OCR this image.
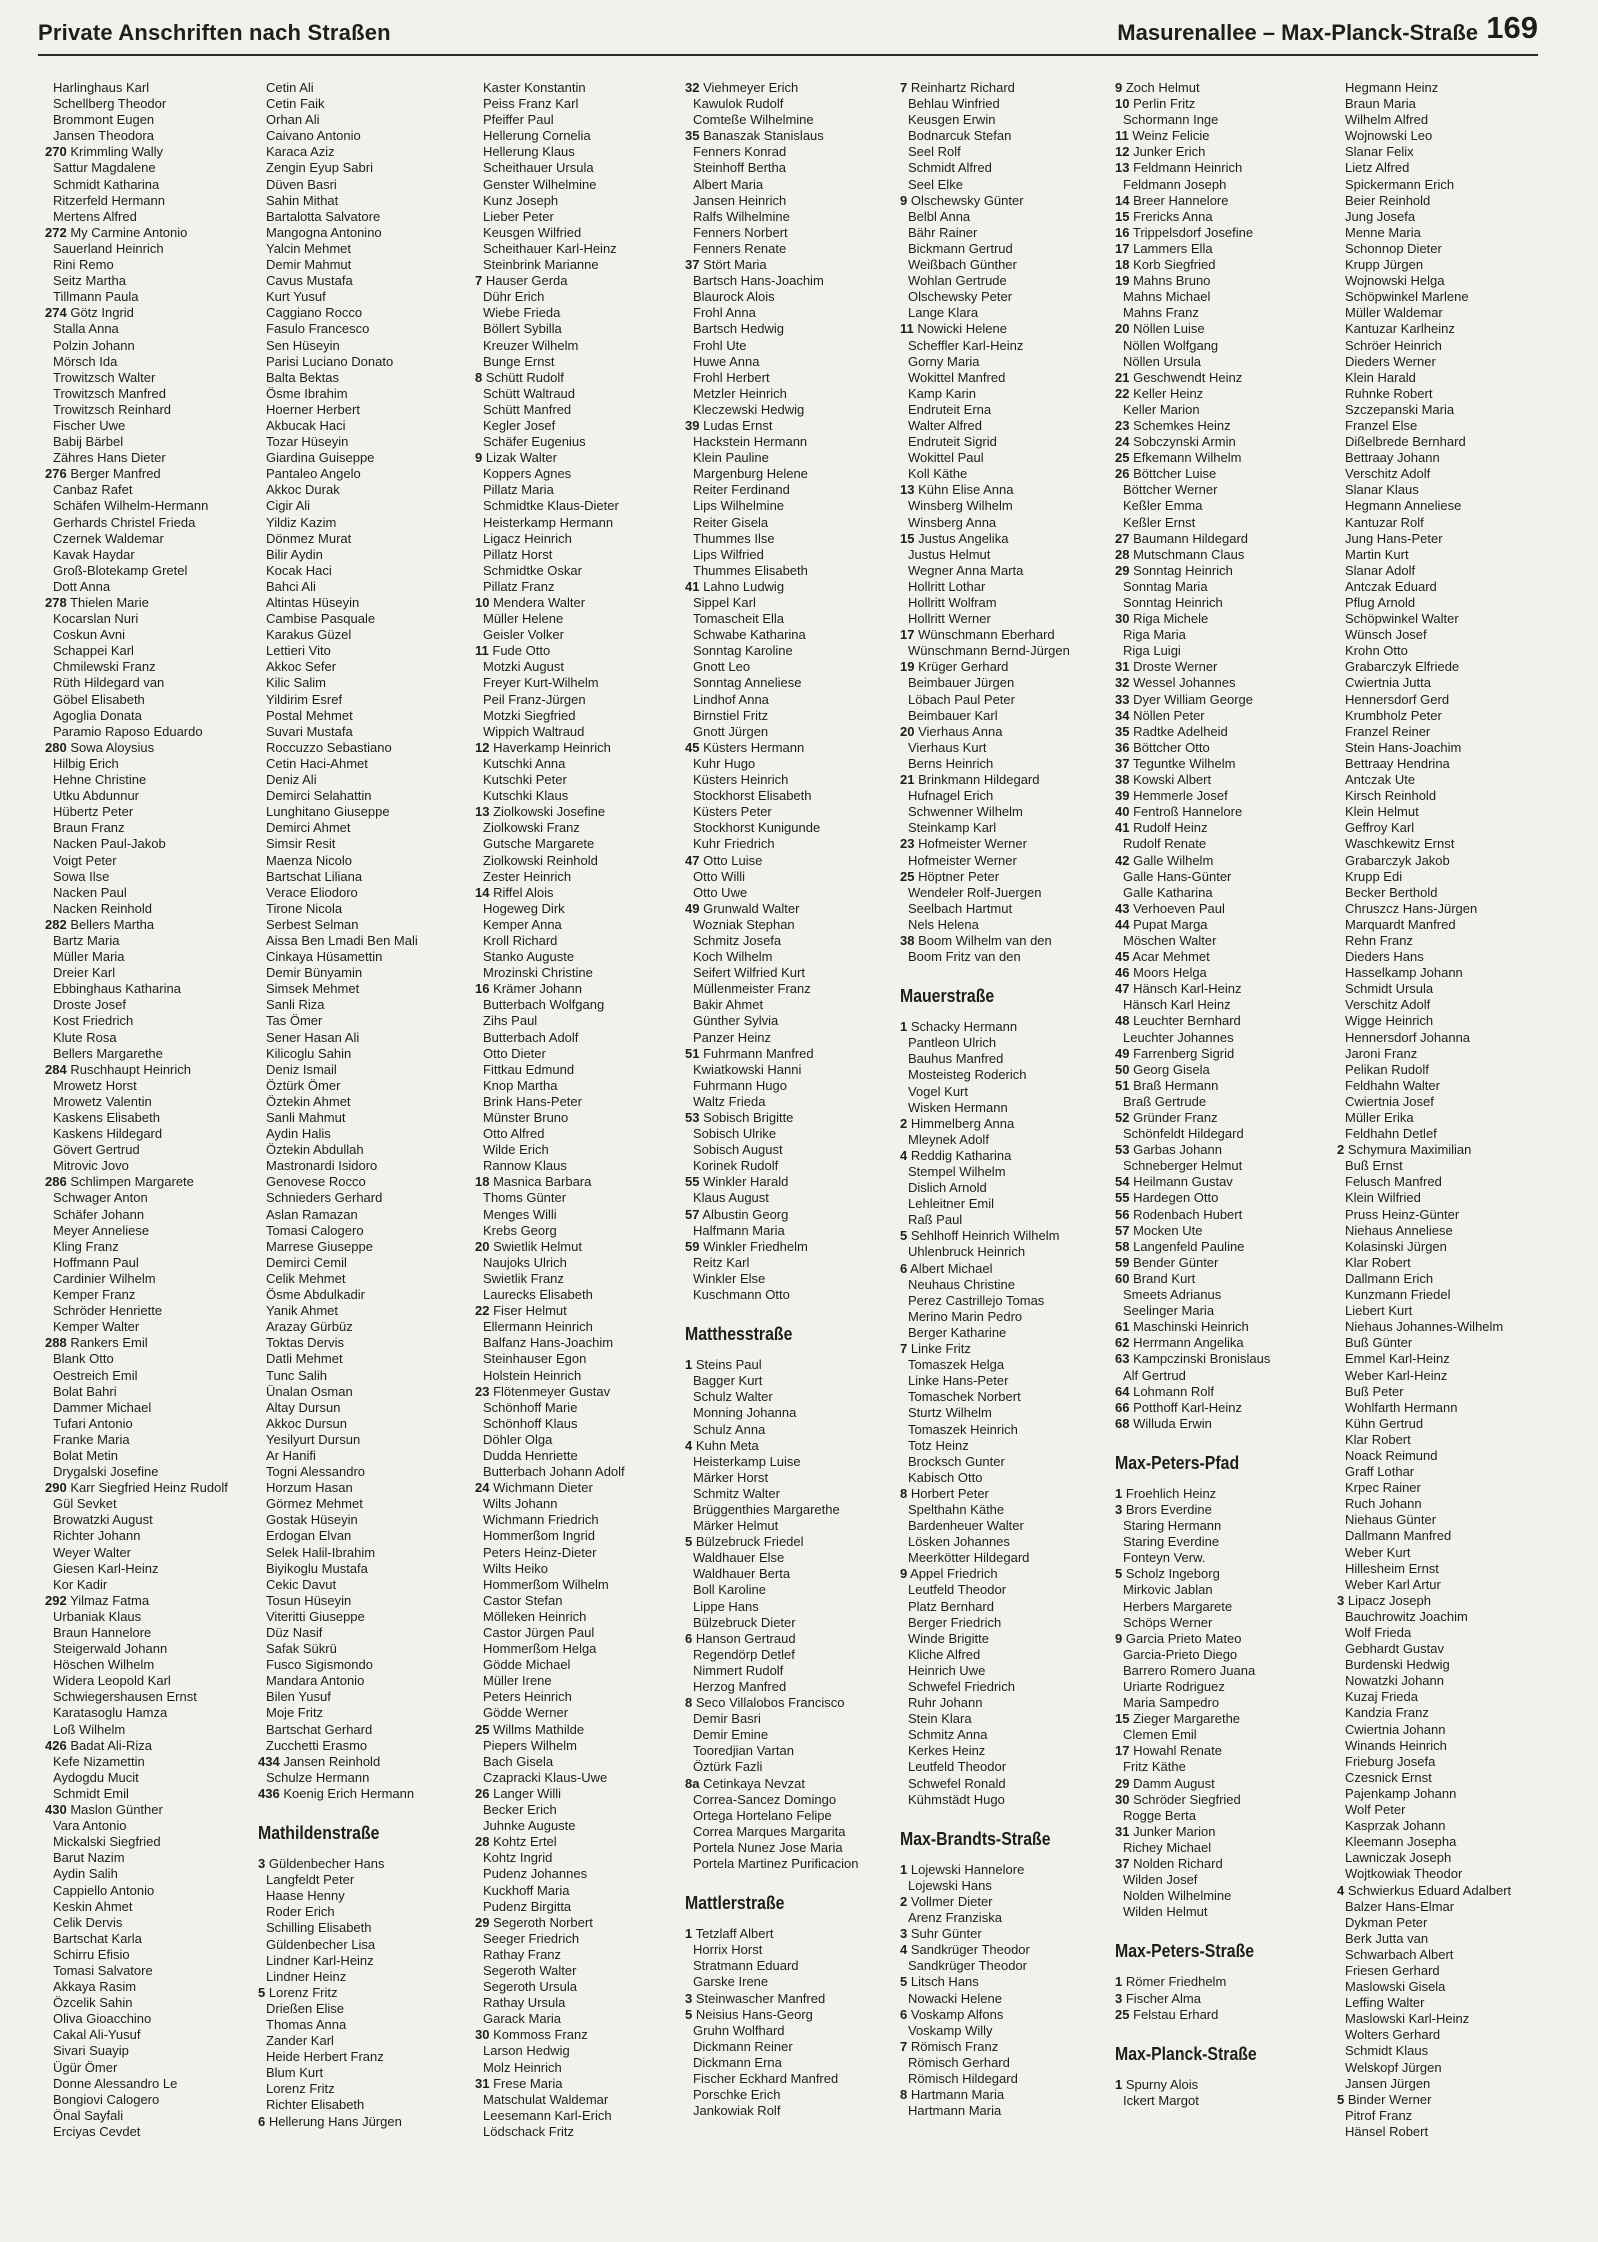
Private Anschriften nach Straßen	Masurenallee – Max-Planck-Straße 169
Harlinghaus Karl
Schellberg Theodor
Brommont Eugen
Jansen Theodora
270 Krimmling Wally
Sattur Magdalene
Schmidt Katharina
Ritzerfeld Hermann
Mertens Alfred
272 My Carmine Antonio
Sauerland Heinrich
Rini Remo
Seitz Martha
Tillmann Paula
274 Götz Ingrid
Stalla Anna
Polzin Johann
Mörsch Ida
Trowitzsch Walter
Trowitzsch Manfred
Trowitzsch Reinhard
Fischer Uwe
Babij Bärbel
Zähres Hans Dieter
276 Berger Manfred
Canbaz Rafet
Schäfen Wilhelm-Hermann
Gerhards Christel Frieda
Czernek Waldemar
Kavak Haydar
Groß-Blotekamp Gretel
Dott Anna
278 Thielen Marie
Kocarslan Nuri
Coskun Avni
Schappei Karl
Chmilewski Franz
Rüth Hildegard van
Göbel Elisabeth
Agoglia Donata
Paramio Raposo Eduardo
280 Sowa Aloysius
Hilbig Erich
Hehne Christine
Utku Abdunnur
Hübertz Peter
Braun Franz
Nacken Paul-Jakob
Voigt Peter
Sowa Ilse
Nacken Paul
Nacken Reinhold
282 Bellers Martha
Bartz Maria
Müller Maria
Dreier Karl
Ebbinghaus Katharina
Droste Josef
Kost Friedrich
Klute Rosa
Bellers Margarethe
284 Ruschhaupt Heinrich
Mrowetz Horst
Mrowetz Valentin
Kaskens Elisabeth
Kaskens Hildegard
Gövert Gertrud
Mitrovic Jovo
286 Schlimpen Margarete
Schwager Anton
Schäfer Johann
Meyer Anneliese
Kling Franz
Hoffmann Paul
Cardinier Wilhelm
Kemper Franz
Schröder Henriette
Kemper Walter
288 Rankers Emil
Blank Otto
Oestreich Emil
Bolat Bahri
Dammer Michael
Tufari Antonio
Franke Maria
Bolat Metin
Drygalski Josefine
290 Karr Siegfried Heinz Rudolf
Gül Sevket
Browatzki August
Richter Johann
Weyer Walter
Giesen Karl-Heinz
Kor Kadir
292 Yilmaz Fatma
Urbaniak Klaus
Braun Hannelore
Steigerwald Johann
Höschen Wilhelm
Widera Leopold Karl
Schwiegershausen Ernst
Karatasoglu Hamza
Loß Wilhelm
426 Badat Ali-Riza
Kefe Nizamettin
Aydogdu Mucit
Schmidt Emil
430 Maslon Günther
Vara Antonio
Mickalski Siegfried
Barut Nazim
Aydin Salih
Cappiello Antonio
Keskin Ahmet
Celik Dervis
Bartschat Karla
Schirru Efisio
Tomasi Salvatore
Akkaya Rasim
Özcelik Sahin
Oliva Gioacchino
Cakal Ali-Yusuf
Sivari Suayip
Ügür Ömer
Donne Alessandro Le
Bongiovi Calogero
Önal Sayfali
Erciyas Cevdet
Cetin Ali
Cetin Faik
Orhan Ali
Caivano Antonio
Karaca Aziz
Zengin Eyup Sabri
Düven Basri
Sahin Mithat
Bartalotta Salvatore
Mangogna Antonino
Yalcin Mehmet
Demir Mahmut
Cavus Mustafa
Kurt Yusuf
Caggiano Rocco
Fasulo Francesco
Sen Hüseyin
Parisi Luciano Donato
Balta Bektas
Ösme Ibrahim
Hoerner Herbert
Akbucak Haci
Tozar Hüseyin
Giardina Guiseppe
Pantaleo Angelo
Akkoc Durak
Cigir Ali
Yildiz Kazim
Dönmez Murat
Bilir Aydin
Kocak Haci
Bahci Ali
Altintas Hüseyin
Cambise Pasquale
Karakus Güzel
Lettieri Vito
Akkoc Sefer
Kilic Salim
Yildirim Esref
Postal Mehmet
Suvari Mustafa
Roccuzzo Sebastiano
Cetin Haci-Ahmet
Deniz Ali
Demirci Selahattin
Lunghitano Giuseppe
Demirci Ahmet
Simsir Resit
Maenza Nicolo
Bartschat Liliana
Verace Eliodoro
Tirone Nicola
Serbest Selman
Aissa Ben Lmadi Ben Mali
Cinkaya Hüsamettin
Demir Bünyamin
Simsek Mehmet
Sanli Riza
Tas Ömer
Sener Hasan Ali
Kilicoglu Sahin
Deniz Ismail
Öztürk Ömer
Öztekin Ahmet
Sanli Mahmut
Aydin Halis
Öztekin Abdullah
Mastronardi Isidoro
Genovese Rocco
Schnieders Gerhard
Aslan Ramazan
Tomasi Calogero
Marrese Giuseppe
Demirci Cemil
Celik Mehmet
Ösme Abdulkadir
Yanik Ahmet
Arazay Gürbüz
Toktas Dervis
Datli Mehmet
Tunc Salih
Ünalan Osman
Altay Dursun
Akkoc Dursun
Yesilyurt Dursun
Ar Hanifi
Togni Alessandro
Horzum Hasan
Görmez Mehmet
Gostak Hüseyin
Erdogan Elvan
Selek Halil-Ibrahim
Biyikoglu Mustafa
Cekic Davut
Tosun Hüseyin
Viteritti Giuseppe
Düz Nasif
Safak Sükrü
Fusco Sigismondo
Mandara Antonio
Bilen Yusuf
Moje Fritz
Bartschat Gerhard
Zucchetti Erasmo
434 Jansen Reinhold
Schulze Hermann
436 Koenig Erich Hermann
Mathildenstraße
3 Güldenbecher Hans
Langfeldt Peter
Haase Henny
Roder Erich
Schilling Elisabeth
Güldenbecher Lisa
Lindner Karl-Heinz
Lindner Heinz
5 Lorenz Fritz
Drießen Elise
Thomas Anna
Zander Karl
Heide Herbert Franz
Blum Kurt
Lorenz Fritz
Richter Elisabeth
6 Hellerung Hans Jürgen
Kaster Konstantin
Peiss Franz Karl
Pfeiffer Paul
Hellerung Cornelia
Hellerung Klaus
Scheithauer Ursula
Genster Wilhelmine
Kunz Joseph
Lieber Peter
Keusgen Wilfried
Scheithauer Karl-Heinz
Steinbrink Marianne
7 Hauser Gerda
Dühr Erich
Wiebe Frieda
Böllert Sybilla
Kreuzer Wilhelm
Bunge Ernst
8 Schütt Rudolf
Schütt Waltraud
Schütt Manfred
Kegler Josef
Schäfer Eugenius
9 Lizak Walter
Koppers Agnes
Pillatz Maria
Schmidtke Klaus-Dieter
Heisterkamp Hermann
Ligacz Heinrich
Pillatz Horst
Schmidtke Oskar
Pillatz Franz
10 Mendera Walter
Müller Helene
Geisler Volker
11 Fude Otto
Motzki August
Freyer Kurt-Wilhelm
Peil Franz-Jürgen
Motzki Siegfried
Wippich Waltraud
12 Haverkamp Heinrich
Kutschki Anna
Kutschki Peter
Kutschki Klaus
13 Ziolkowski Josefine
Ziolkowski Franz
Gutsche Margarete
Ziolkowski Reinhold
Zester Heinrich
14 Riffel Alois
Hogeweg Dirk
Kemper Anna
Kroll Richard
Stanko Auguste
Mrozinski Christine
16 Krämer Johann
Butterbach Wolfgang
Zihs Paul
Butterbach Adolf
Otto Dieter
Fittkau Edmund
Knop Martha
Brink Hans-Peter
Münster Bruno
Otto Alfred
Wilde Erich
Rannow Klaus
18 Masnica Barbara
Thoms Günter
Menges Willi
Krebs Georg
20 Swietlik Helmut
Naujoks Ulrich
Swietlik Franz
Laurecks Elisabeth
22 Fiser Helmut
Ellermann Heinrich
Balfanz Hans-Joachim
Steinhauser Egon
Holstein Heinrich
23 Flötenmeyer Gustav
Schönhoff Marie
Schönhoff Klaus
Döhler Olga
Dudda Henriette
Butterbach Johann Adolf
24 Wichmann Dieter
Wilts Johann
Wichmann Friedrich
Hommerßom Ingrid
Peters Heinz-Dieter
Wilts Heiko
Hommerßom Wilhelm
Castor Stefan
Mölleken Heinrich
Castor Jürgen Paul
Hommerßom Helga
Gödde Michael
Müller Irene
Peters Heinrich
Gödde Werner
25 Willms Mathilde
Piepers Wilhelm
Bach Gisela
Czapracki Klaus-Uwe
26 Langer Willi
Becker Erich
Juhnke Auguste
28 Kohtz Ertel
Kohtz Ingrid
Pudenz Johannes
Kuckhoff Maria
Pudenz Birgitta
29 Segeroth Norbert
Seeger Friedrich
Rathay Franz
Segeroth Walter
Segeroth Ursula
Rathay Ursula
Garack Maria
30 Kommoss Franz
Larson Hedwig
Molz Heinrich
31 Frese Maria
Matschulat Waldemar
Leesemann Karl-Erich
Lödschack Fritz
32 Viehmeyer Erich
Kawulok Rudolf
Comteße Wilhelmine
35 Banaszak Stanislaus
Fenners Konrad
Steinhoff Bertha
Albert Maria
Jansen Heinrich
Ralfs Wilhelmine
Fenners Norbert
Fenners Renate
37 Stört Maria
Bartsch Hans-Joachim
Blaurock Alois
Frohl Anna
Bartsch Hedwig
Frohl Ute
Huwe Anna
Frohl Herbert
Metzler Heinrich
Kleczewski Hedwig
39 Ludas Ernst
Hackstein Hermann
Klein Pauline
Margenburg Helene
Reiter Ferdinand
Lips Wilhelmine
Reiter Gisela
Thummes Ilse
Lips Wilfried
Thummes Elisabeth
41 Lahno Ludwig
Sippel Karl
Tomascheit Ella
Schwabe Katharina
Sonntag Karoline
Gnott Leo
Sonntag Anneliese
Lindhof Anna
Birnstiel Fritz
Gnott Jürgen
45 Küsters Hermann
Kuhr Hugo
Küsters Heinrich
Stockhorst Elisabeth
Küsters Peter
Stockhorst Kunigunde
Kuhr Friedrich
47 Otto Luise
Otto Willi
Otto Uwe
49 Grunwald Walter
Wozniak Stephan
Schmitz Josefa
Koch Wilhelm
Seifert Wilfried Kurt
Müllenmeister Franz
Bakir Ahmet
Günther Sylvia
Panzer Heinz
51 Fuhrmann Manfred
Kwiatkowski Hanni
Fuhrmann Hugo
Waltz Frieda
53 Sobisch Brigitte
Sobisch Ulrike
Sobisch August
Korinek Rudolf
55 Winkler Harald
Klaus August
57 Albustin Georg
Halfmann Maria
59 Winkler Friedhelm
Reitz Karl
Winkler Else
Kuschmann Otto
Matthesstraße
1 Steins Paul
Bagger Kurt
Schulz Walter
Monning Johanna
Schulz Anna
4 Kuhn Meta
Heisterkamp Luise
Märker Horst
Schmitz Walter
Brüggenthies Margarethe
Märker Helmut
5 Bülzebruck Friedel
Waldhauer Else
Waldhauer Berta
Boll Karoline
Lippe Hans
Bülzebruck Dieter
6 Hanson Gertraud
Regendörp Detlef
Nimmert Rudolf
Herzog Manfred
8 Seco Villalobos Francisco
Demir Basri
Demir Emine
Tooredjian Vartan
Öztürk Fazli
8a Cetinkaya Nevzat
Correa-Sancez Domingo
Ortega Hortelano Felipe
Correa Marques Margarita
Portela Nunez Jose Maria
Portela Martinez Purificacion
Mattlerstraße
1 Tetzlaff Albert
Horrix Horst
Stratmann Eduard
Garske Irene
3 Steinwascher Manfred
5 Neisius Hans-Georg
Gruhn Wolfhard
Dickmann Reiner
Dickmann Erna
Fischer Eckhard Manfred
Porschke Erich
Jankowiak Rolf
7 Reinhartz Richard
Behlau Winfried
Keusgen Erwin
Bodnarcuk Stefan
Seel Rolf
Schmidt Alfred
Seel Elke
9 Olschewsky Günter
Belbl Anna
Bähr Rainer
Bickmann Gertrud
Weißbach Günther
Wohlan Gertrude
Olschewsky Peter
Lange Klara
11 Nowicki Helene
Scheffler Karl-Heinz
Gorny Maria
Wokittel Manfred
Kamp Karin
Endruteit Erna
Walter Alfred
Endruteit Sigrid
Wokittel Paul
Koll Käthe
13 Kühn Elise Anna
Winsberg Wilhelm
Winsberg Anna
15 Justus Angelika
Justus Helmut
Wegner Anna Marta
Hollritt Lothar
Hollritt Wolfram
Hollritt Werner
17 Wünschmann Eberhard
Wünschmann Bernd-Jürgen
19 Krüger Gerhard
Beimbauer Jürgen
Löbach Paul Peter
Beimbauer Karl
20 Vierhaus Anna
Vierhaus Kurt
Berns Heinrich
21 Brinkmann Hildegard
Hufnagel Erich
Schwenner Wilhelm
Steinkamp Karl
23 Hofmeister Werner
Hofmeister Werner
25 Höptner Peter
Wendeler Rolf-Juergen
Seelbach Hartmut
Nels Helena
38 Boom Wilhelm van den
Boom Fritz van den
Mauerstraße
1 Schacky Hermann
Pantleon Ulrich
Bauhus Manfred
Mosteisteg Roderich
Vogel Kurt
Wisken Hermann
2 Himmelberg Anna
Mleynek Adolf
4 Reddig Katharina
Stempel Wilhelm
Dislich Arnold
Lehleitner Emil
Raß Paul
5 Sehlhoff Heinrich Wilhelm
Uhlenbruck Heinrich
6 Albert Michael
Neuhaus Christine
Perez Castrillejo Tomas
Merino Marin Pedro
Berger Katharine
7 Linke Fritz
Tomaszek Helga
Linke Hans-Peter
Tomaschek Norbert
Sturtz Wilhelm
Tomaszek Heinrich
Totz Heinz
Brocksch Gunter
Kabisch Otto
8 Horbert Peter
Spelthahn Käthe
Bardenheuer Walter
Lösken Johannes
Meerkötter Hildegard
9 Appel Friedrich
Leutfeld Theodor
Platz Bernhard
Berger Friedrich
Winde Brigitte
Kliche Alfred
Heinrich Uwe
Schwefel Friedrich
Ruhr Johann
Stein Klara
Schmitz Anna
Kerkes Heinz
Leutfeld Theodor
Schwefel Ronald
Kühmstädt Hugo
Max-Brandts-Straße
1 Lojewski Hannelore
Lojewski Hans
2 Vollmer Dieter
Arenz Franziska
3 Suhr Günter
4 Sandkrüger Theodor
Sandkrüger Theodor
5 Litsch Hans
Nowacki Helene
6 Voskamp Alfons
Voskamp Willy
7 Römisch Franz
Römisch Gerhard
Römisch Hildegard
8 Hartmann Maria
Hartmann Maria
9 Zoch Helmut
10 Perlin Fritz
Schormann Inge
11 Weinz Felicie
12 Junker Erich
13 Feldmann Heinrich
Feldmann Joseph
14 Breer Hannelore
15 Frericks Anna
16 Trippelsdorf Josefine
17 Lammers Ella
18 Korb Siegfried
19 Mahns Bruno
Mahns Michael
Mahns Franz
20 Nöllen Luise
Nöllen Wolfgang
Nöllen Ursula
21 Geschwendt Heinz
22 Keller Heinz
Keller Marion
23 Schemkes Heinz
24 Sobczynski Armin
25 Efkemann Wilhelm
26 Böttcher Luise
Böttcher Werner
Keßler Emma
Keßler Ernst
27 Baumann Hildegard
28 Mutschmann Claus
29 Sonntag Heinrich
Sonntag Maria
Sonntag Heinrich
30 Riga Michele
Riga Maria
Riga Luigi
31 Droste Werner
32 Wessel Johannes
33 Dyer William George
34 Nöllen Peter
35 Radtke Adelheid
36 Böttcher Otto
37 Teguntke Wilhelm
38 Kowski Albert
39 Hemmerle Josef
40 Fentroß Hannelore
41 Rudolf Heinz
Rudolf Renate
42 Galle Wilhelm
Galle Hans-Günter
Galle Katharina
43 Verhoeven Paul
44 Pupat Marga
Möschen Walter
45 Acar Mehmet
46 Moors Helga
47 Hänsch Karl-Heinz
Hänsch Karl Heinz
48 Leuchter Bernhard
Leuchter Johannes
49 Farrenberg Sigrid
50 Georg Gisela
51 Braß Hermann
Braß Gertrude
52 Gründer Franz
Schönfeldt Hildegard
53 Garbas Johann
Schneberger Helmut
54 Heilmann Gustav
55 Hardegen Otto
56 Rodenbach Hubert
57 Mocken Ute
58 Langenfeld Pauline
59 Bender Günter
60 Brand Kurt
Smeets Adrianus
Seelinger Maria
61 Maschinski Heinrich
62 Herrmann Angelika
63 Kampczinski Bronislaus
Alf Gertrud
64 Lohmann Rolf
66 Potthoff Karl-Heinz
68 Willuda Erwin
Max-Peters-Pfad
1 Froehlich Heinz
3 Brors Everdine
Staring Hermann
Staring Everdine
Fonteyn Verw.
5 Scholz Ingeborg
Mirkovic Jablan
Herbers Margarete
Schöps Werner
9 Garcia Prieto Mateo
Garcia-Prieto Diego
Barrero Romero Juana
Uriarte Rodriguez
Maria Sampedro
15 Zieger Margarethe
Clemen Emil
17 Howahl Renate
Fritz Käthe
29 Damm August
30 Schröder Siegfried
Rogge Berta
31 Junker Marion
Richey Michael
37 Nolden Richard
Wilden Josef
Nolden Wilhelmine
Wilden Helmut
Max-Peters-Straße
1 Römer Friedhelm
3 Fischer Alma
25 Felstau Erhard
Max-Planck-Straße
1 Spurny Alois
Ickert Margot
Hegmann Heinz
Braun Maria
Wilhelm Alfred
Wojnowski Leo
Slanar Felix
Lietz Alfred
Spickermann Erich
Beier Reinhold
Jung Josefa
Menne Maria
Schonnop Dieter
Krupp Jürgen
Wojnowski Helga
Schöpwinkel Marlene
Müller Waldemar
Kantuzar Karlheinz
Schröer Heinrich
Dieders Werner
Klein Harald
Ruhnke Robert
Szczepanski Maria
Franzel Else
Dißelbrede Bernhard
Bettraay Johann
Verschitz Adolf
Slanar Klaus
Hegmann Anneliese
Kantuzar Rolf
Jung Hans-Peter
Martin Kurt
Slanar Adolf
Antczak Eduard
Pflug Arnold
Schöpwinkel Walter
Wünsch Josef
Krohn Otto
Grabarczyk Elfriede
Cwiertnia Jutta
Hennersdorf Gerd
Krumbholz Peter
Franzel Reiner
Stein Hans-Joachim
Bettraay Hendrina
Antczak Ute
Kirsch Reinhold
Klein Helmut
Geffroy Karl
Waschkewitz Ernst
Grabarczyk Jakob
Krupp Edi
Becker Berthold
Chruszcz Hans-Jürgen
Marquardt Manfred
Rehn Franz
Dieders Hans
Hasselkamp Johann
Schmidt Ursula
Verschitz Adolf
Wigge Heinrich
Hennersdorf Johanna
Jaroni Franz
Pelikan Rudolf
Feldhahn Walter
Cwiertnia Josef
Müller Erika
Feldhahn Detlef
2 Schymura Maximilian
Buß Ernst
Felusch Manfred
Klein Wilfried
Pruss Heinz-Günter
Niehaus Anneliese
Kolasinski Jürgen
Klar Robert
Dallmann Erich
Kunzmann Friedel
Liebert Kurt
Niehaus Johannes-Wilhelm
Buß Günter
Emmel Karl-Heinz
Weber Karl-Heinz
Buß Peter
Wohlfarth Hermann
Kühn Gertrud
Klar Robert
Noack Reimund
Graff Lothar
Krpec Rainer
Ruch Johann
Niehaus Günter
Dallmann Manfred
Weber Kurt
Hillesheim Ernst
Weber Karl Artur
3 Lipacz Joseph
Bauchrowitz Joachim
Wolf Frieda
Gebhardt Gustav
Burdenski Hedwig
Nowatzki Johann
Kuzaj Frieda
Kandzia Franz
Cwiertnia Johann
Winands Heinrich
Frieburg Josefa
Czesnick Ernst
Pajenkamp Johann
Wolf Peter
Kasprzak Johann
Kleemann Josepha
Lawniczak Joseph
Wojtkowiak Theodor
4 Schwierkus Eduard Adalbert
Balzer Hans-Elmar
Dykman Peter
Berk Jutta van
Schwarbach Albert
Friesen Gerhard
Maslowski Gisela
Leffing Walter
Maslowski Karl-Heinz
Wolters Gerhard
Schmidt Klaus
Welskopf Jürgen
Jansen Jürgen
5 Binder Werner
Pitrof Franz
Hänsel Robert
